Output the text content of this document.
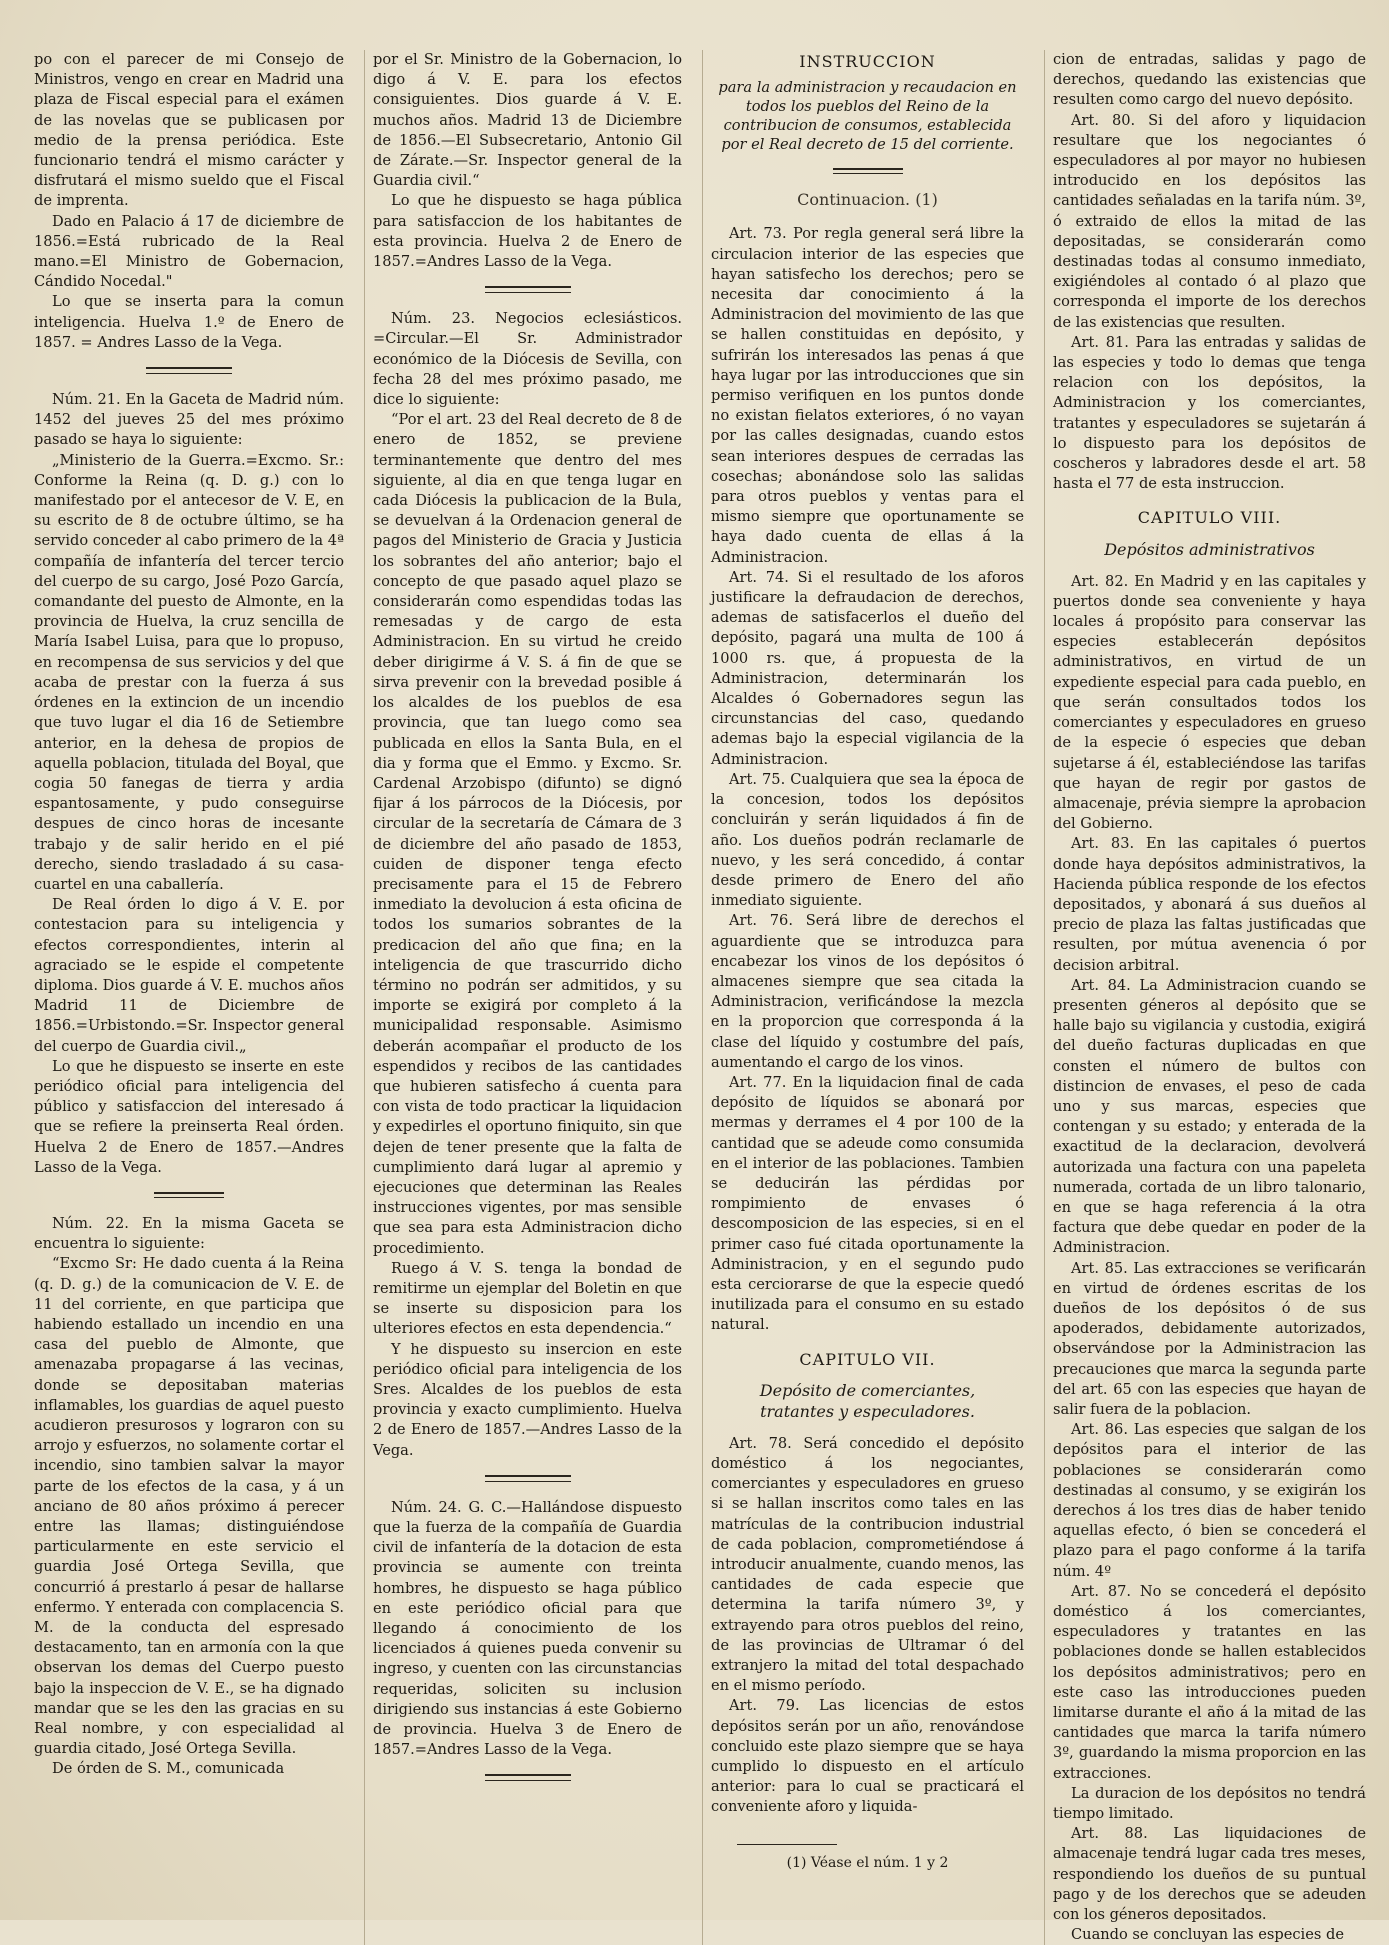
po con el parecer de mi Consejo de Ministros, vengo en crear en Madrid una plaza de Fiscal especial para el exámen de las novelas que se publicasen por medio de la prensa periódica. Este funcionario tendrá el mismo carácter y disfrutará el mismo sueldo que el Fiscal de imprenta.

Dado en Palacio á 17 de diciembre de 1856.=Está rubricado de la Real mano.=El Ministro de Gobernacion, Cándido Nocedal."

Lo que se inserta para la comun inteligencia. Huelva 1.º de Enero de 1857. = Andres Lasso de la Vega.

Núm. 21. En la Gaceta de Madrid núm. 1452 del jueves 25 del mes próximo pasado se haya lo siguiente:

„Ministerio de la Guerra.=Excmo. Sr.: Conforme la Reina (q. D. g.) con lo manifestado por el antecesor de V. E, en su escrito de 8 de octubre último, se ha servido conceder al cabo primero de la 4ª compañía de infantería del tercer tercio del cuerpo de su cargo, José Pozo García, comandante del puesto de Almonte, en la provincia de Huelva, la cruz sencilla de María Isabel Luisa, para que lo propuso, en recompensa de sus servicios y del que acaba de prestar con la fuerza á sus órdenes en la extincion de un incendio que tuvo lugar el dia 16 de Setiembre anterior, en la dehesa de propios de aquella poblacion, titulada del Boyal, que cogia 50 fanegas de tierra y ardia espantosamente, y pudo conseguirse despues de cinco horas de incesante trabajo y de salir herido en el pié derecho, siendo trasladado á su casa-cuartel en una caballería.

De Real órden lo digo á V. E. por contestacion para su inteligencia y efectos correspondientes, interin al agraciado se le espide el competente diploma. Dios guarde á V. E. muchos años Madrid 11 de Diciembre de 1856.=Urbistondo.=Sr. Inspector general del cuerpo de Guardia civil.„

Lo que he dispuesto se inserte en este periódico oficial para inteligencia del público y satisfaccion del interesado á que se refiere la preinserta Real órden. Huelva 2 de Enero de 1857.—Andres Lasso de la Vega.

Núm. 22. En la misma Gaceta se encuentra lo siguiente:

“Excmo Sr: He dado cuenta á la Reina (q. D. g.) de la comunicacion de V. E. de 11 del corriente, en que participa que habiendo estallado un incendio en una casa del pueblo de Almonte, que amenazaba propagarse á las vecinas, donde se depositaban materias inflamables, los guardias de aquel puesto acudieron presurosos y lograron con su arrojo y esfuerzos, no solamente cortar el incendio, sino tambien salvar la mayor parte de los efectos de la casa, y á un anciano de 80 años próximo á perecer entre las llamas; distinguiéndose particularmente en este servicio el guardia José Ortega Sevilla, que concurrió á prestarlo á pesar de hallarse enfermo. Y enterada con complacencia S. M. de la conducta del espresado destacamento, tan en armonía con la que observan los demas del Cuerpo puesto bajo la inspeccion de V. E., se ha dignado mandar que se les den las gracias en su Real nombre, y con especialidad al guardia citado, José Ortega Sevilla.

De órden de S. M., comunicada

por el Sr. Ministro de la Gobernacion, lo digo á V. E. para los efectos consiguientes. Dios guarde á V. E. muchos años. Madrid 13 de Diciembre de 1856.—El Subsecretario, Antonio Gil de Zárate.—Sr. Inspector general de la Guardia civil.“

Lo que he dispuesto se haga pública para satisfaccion de los habitantes de esta provincia. Huelva 2 de Enero de 1857.=Andres Lasso de la Vega.

Núm. 23. Negocios eclesiásticos. =Circular.—El Sr. Administrador económico de la Diócesis de Sevilla, con fecha 28 del mes próximo pasado, me dice lo siguiente:

“Por el art. 23 del Real decreto de 8 de enero de 1852, se previene terminantemente que dentro del mes siguiente, al dia en que tenga lugar en cada Diócesis la publicacion de la Bula, se devuelvan á la Ordenacion general de pagos del Ministerio de Gracia y Justicia los sobrantes del año anterior; bajo el concepto de que pasado aquel plazo se considerarán como espendidas todas las remesadas y de cargo de esta Administracion. En su virtud he creido deber dirigirme á V. S. á fin de que se sirva prevenir con la brevedad posible á los alcaldes de los pueblos de esa provincia, que tan luego como sea publicada en ellos la Santa Bula, en el dia y forma que el Emmo. y Excmo. Sr. Cardenal Arzobispo (difunto) se dignó fijar á los párrocos de la Diócesis, por circular de la secretaría de Cámara de 3 de diciembre del año pasado de 1853, cuiden de disponer tenga efecto precisamente para el 15 de Febrero inmediato la devolucion á esta oficina de todos los sumarios sobrantes de la predicacion del año que fina; en la inteligencia de que trascurrido dicho término no podrán ser admitidos, y su importe se exigirá por completo á la municipalidad responsable. Asimismo deberán acompañar el producto de los espendidos y recibos de las cantidades que hubieren satisfecho á cuenta para con vista de todo practicar la liquidacion y expedirles el oportuno finiquito, sin que dejen de tener presente que la falta de cumplimiento dará lugar al apremio y ejecuciones que determinan las Reales instrucciones vigentes, por mas sensible que sea para esta Administracion dicho procedimiento.

Ruego á V. S. tenga la bondad de remitirme un ejemplar del Boletin en que se inserte su disposicion para los ulteriores efectos en esta dependencia.“

Y he dispuesto su insercion en este periódico oficial para inteligencia de los Sres. Alcaldes de los pueblos de esta provincia y exacto cumplimiento. Huelva 2 de Enero de 1857.—Andres Lasso de la Vega.

Núm. 24. G. C.—Hallándose dispuesto que la fuerza de la compañía de Guardia civil de infantería de la dotacion de esta provincia se aumente con treinta hombres, he dispuesto se haga público en este periódico oficial para que llegando á conocimiento de los licenciados á quienes pueda convenir su ingreso, y cuenten con las circunstancias requeridas, soliciten su inclusion dirigiendo sus instancias á este Gobierno de provincia. Huelva 3 de Enero de 1857.=Andres Lasso de la Vega.

INSTRUCCION
para la administracion y recaudacion en todos los pueblos del Reino de la contribucion de consumos, establecida por el Real decreto de 15 del corriente.
Continuacion. (1)

Art. 73. Por regla general será libre la circulacion interior de las especies que hayan satisfecho los derechos; pero se necesita dar conocimiento á la Administracion del movimiento de las que se hallen constituidas en depósito, y sufrirán los interesados las penas á que haya lugar por las introducciones que sin permiso verifiquen en los puntos donde no existan fielatos exteriores, ó no vayan por las calles designadas, cuando estos sean interiores despues de cerradas las cosechas; abonándose solo las salidas para otros pueblos y ventas para el mismo siempre que oportunamente se haya dado cuenta de ellas á la Administracion.

Art. 74. Si el resultado de los aforos justificare la defraudacion de derechos, ademas de satisfacerlos el dueño del depósito, pagará una multa de 100 á 1000 rs. que, á propuesta de la Administracion, determinarán los Alcaldes ó Gobernadores segun las circunstancias del caso, quedando ademas bajo la especial vigilancia de la Administracion.

Art. 75. Cualquiera que sea la época de la concesion, todos los depósitos concluirán y serán liquidados á fin de año. Los dueños podrán reclamarle de nuevo, y les será concedido, á contar desde primero de Enero del año inmediato siguiente.

Art. 76. Será libre de derechos el aguardiente que se introduzca para encabezar los vinos de los depósitos ó almacenes siempre que sea citada la Administracion, verificándose la mezcla en la proporcion que corresponda á la clase del líquido y costumbre del país, aumentando el cargo de los vinos.

Art. 77. En la liquidacion final de cada depósito de líquidos se abonará por mermas y derrames el 4 por 100 de la cantidad que se adeude como consumida en el interior de las poblaciones. Tambien se deducirán las pérdidas por rompimiento de envases ó descomposicion de las especies, si en el primer caso fué citada oportunamente la Administracion, y en el segundo pudo esta cerciorarse de que la especie quedó inutilizada para el consumo en su estado natural.

CAPITULO VII.
Depósito de comerciantes, tratantes y especuladores.

Art. 78. Será concedido el depósito doméstico á los negociantes, comerciantes y especuladores en grueso si se hallan inscritos como tales en las matrículas de la contribucion industrial de cada poblacion, comprometiéndose á introducir anualmente, cuando menos, las cantidades de cada especie que determina la tarifa número 3º, y extrayendo para otros pueblos del reino, de las provincias de Ultramar ó del extranjero la mitad del total despachado en el mismo período.

Art. 79. Las licencias de estos depósitos serán por un año, renovándose concluido este plazo siempre que se haya cumplido lo dispuesto en el artículo anterior: para lo cual se practicará el conveniente aforo y liquida-

(1) Véase el núm. 1 y 2

cion de entradas, salidas y pago de derechos, quedando las existencias que resulten como cargo del nuevo depósito.

Art. 80. Si del aforo y liquidacion resultare que los negociantes ó especuladores al por mayor no hubiesen introducido en los depósitos las cantidades señaladas en la tarifa núm. 3º, ó extraido de ellos la mitad de las depositadas, se considerarán como destinadas todas al consumo inmediato, exigiéndoles al contado ó al plazo que corresponda el importe de los derechos de las existencias que resulten.

Art. 81. Para las entradas y salidas de las especies y todo lo demas que tenga relacion con los depósitos, la Administracion y los comerciantes, tratantes y especuladores se sujetarán á lo dispuesto para los depósitos de coscheros y labradores desde el art. 58 hasta el 77 de esta instruccion.

CAPITULO VIII.
Depósitos administrativos

Art. 82. En Madrid y en las capitales y puertos donde sea conveniente y haya locales á propósito para conservar las especies establecerán depósitos administrativos, en virtud de un expediente especial para cada pueblo, en que serán consultados todos los comerciantes y especuladores en grueso de la especie ó especies que deban sujetarse á él, estableciéndose las tarifas que hayan de regir por gastos de almacenaje, prévia siempre la aprobacion del Gobierno.

Art. 83. En las capitales ó puertos donde haya depósitos administrativos, la Hacienda pública responde de los efectos depositados, y abonará á sus dueños al precio de plaza las faltas justificadas que resulten, por mútua avenencia ó por decision arbitral.

Art. 84. La Administracion cuando se presenten géneros al depósito que se halle bajo su vigilancia y custodia, exigirá del dueño facturas duplicadas en que consten el número de bultos con distincion de envases, el peso de cada uno y sus marcas, especies que contengan y su estado; y enterada de la exactitud de la declaracion, devolverá autorizada una factura con una papeleta numerada, cortada de un libro talonario, en que se haga referencia á la otra factura que debe quedar en poder de la Administracion.

Art. 85. Las extracciones se verificarán en virtud de órdenes escritas de los dueños de los depósitos ó de sus apoderados, debidamente autorizados, observándose por la Administracion las precauciones que marca la segunda parte del art. 65 con las especies que hayan de salir fuera de la poblacion.

Art. 86. Las especies que salgan de los depósitos para el interior de las poblaciones se considerarán como destinadas al consumo, y se exigirán los derechos á los tres dias de haber tenido aquellas efecto, ó bien se concederá el plazo para el pago conforme á la tarifa núm. 4º

Art. 87. No se concederá el depósito doméstico á los comerciantes, especuladores y tratantes en las poblaciones donde se hallen establecidos los depósitos administrativos; pero en este caso las introducciones pueden limitarse durante el año á la mitad de las cantidades que marca la tarifa número 3º, guardando la misma proporcion en las extracciones.

La duracion de los depósitos no tendrá tiempo limitado.

Art. 88. Las liquidaciones de almacenaje tendrá lugar cada tres meses, respondiendo los dueños de su puntual pago y de los derechos que se adeuden con los géneros depositados.

Cuando se concluyan las especies de
